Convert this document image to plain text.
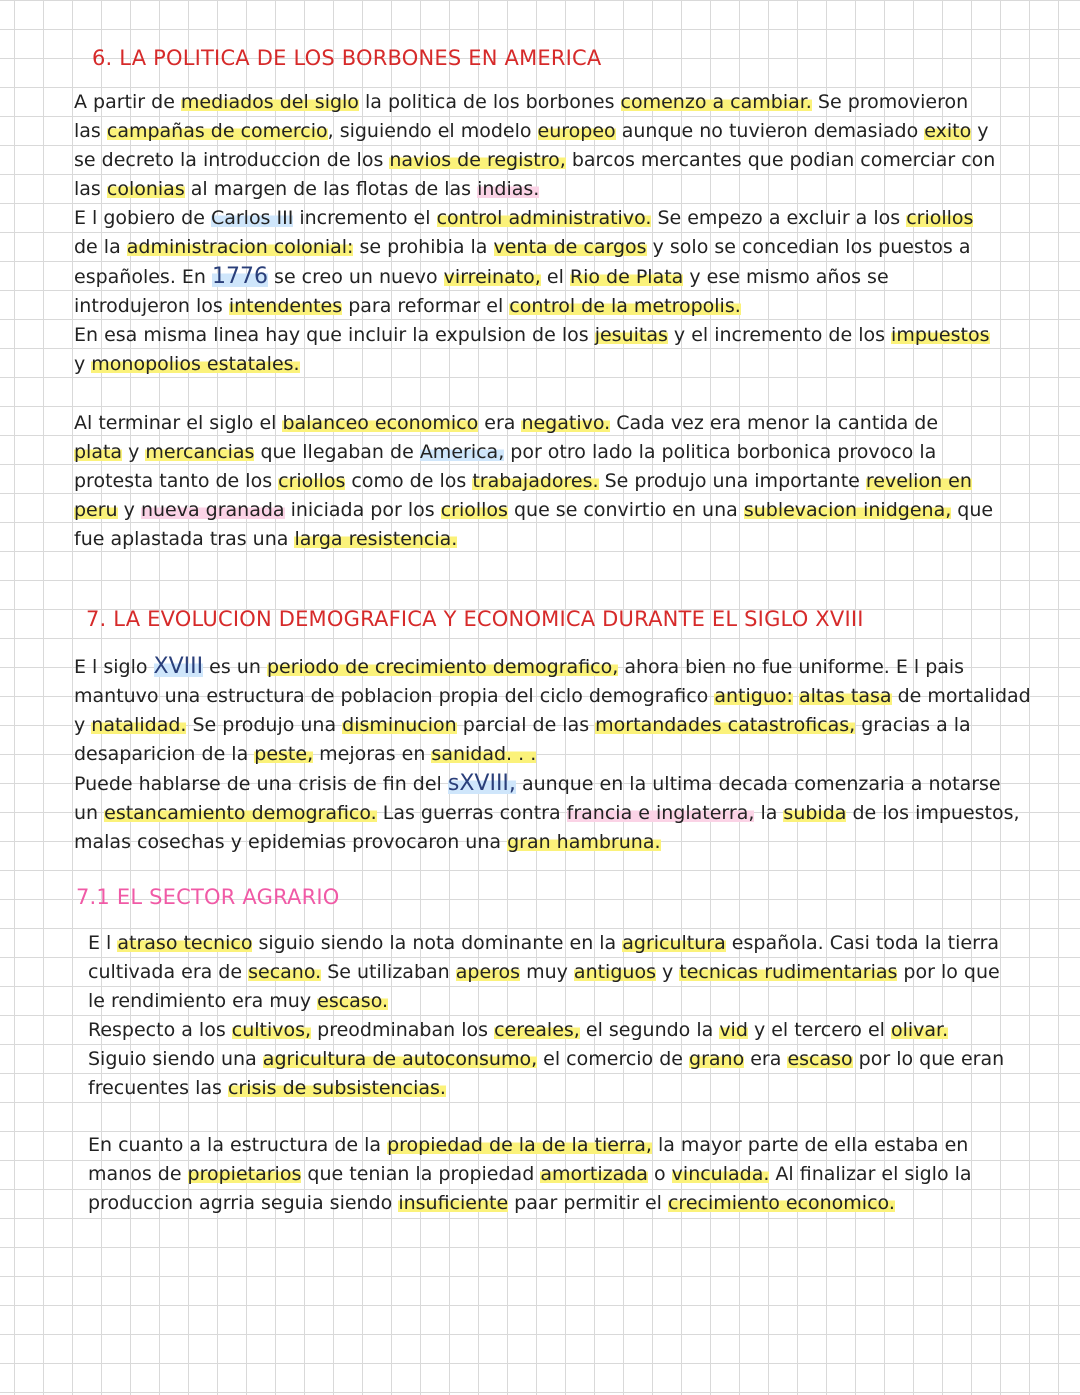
6. LA POLITICA DE LOS BORBONES EN AMERICA
A partir de mediados del siglo la politica de los borbones comenzo a cambiar. Se promovieron
las campañas de comercio, siguiendo el modelo europeo aunque no tuvieron demasiado exito y
se decreto la introduccion de los navios de registro, barcos mercantes que podian comerciar con
las colonias al margen de las flotas de las indias.
E l gobiero de Carlos III incremento el control administrativo. Se empezo a excluir a los criollos
de la administracion colonial: se prohibia la venta de cargos y solo se concedian los puestos a
españoles. En 1776 se creo un nuevo virreinato, el Rio de Plata y ese mismo años se
introdujeron los intendentes para reformar el control de la metropolis.
En esa misma linea hay que incluir la expulsion de los jesuitas y el incremento de los impuestos
y monopolios estatales.
Al terminar el siglo el balanceo economico era negativo. Cada vez era menor la cantida de
plata y mercancias que llegaban de America, por otro lado la politica borbonica provoco la
protesta tanto de los criollos como de los trabajadores. Se produjo una importante revelion en
peru y nueva granada iniciada por los criollos que se convirtio en una sublevacion inidgena, que
fue aplastada tras una larga resistencia.
7. LA EVOLUCION DEMOGRAFICA Y ECONOMICA DURANTE EL SIGLO XVIII
E l siglo XVIII es un periodo de crecimiento demografico, ahora bien no fue uniforme. E l pais
mantuvo una estructura de poblacion propia del ciclo demografico antiguo: altas tasa de mortalidad
y natalidad. Se produjo una disminucion parcial de las mortandades catastroficas, gracias a la
desaparicion de la peste, mejoras en sanidad. . .
Puede hablarse de una crisis de fin del sXVIII, aunque en la ultima decada comenzaria a notarse
un estancamiento demografico. Las guerras contra francia e inglaterra, la subida de los impuestos,
malas cosechas y epidemias provocaron una gran hambruna.
7.1 EL SECTOR AGRARIO
E l atraso tecnico siguio siendo la nota dominante en la agricultura española. Casi toda la tierra
cultivada era de secano. Se utilizaban aperos muy antiguos y tecnicas rudimentarias por lo que
le rendimiento era muy escaso.
Respecto a los cultivos, preodminaban los cereales, el segundo la vid y el tercero el olivar.
Siguio siendo una agricultura de autoconsumo, el comercio de grano era escaso por lo que eran
frecuentes las crisis de subsistencias.
En cuanto a la estructura de la propiedad de la de la tierra, la mayor parte de ella estaba en
manos de propietarios que tenian la propiedad amortizada o vinculada. Al finalizar el siglo la
produccion agrria seguia siendo insuficiente paar permitir el crecimiento economico.
